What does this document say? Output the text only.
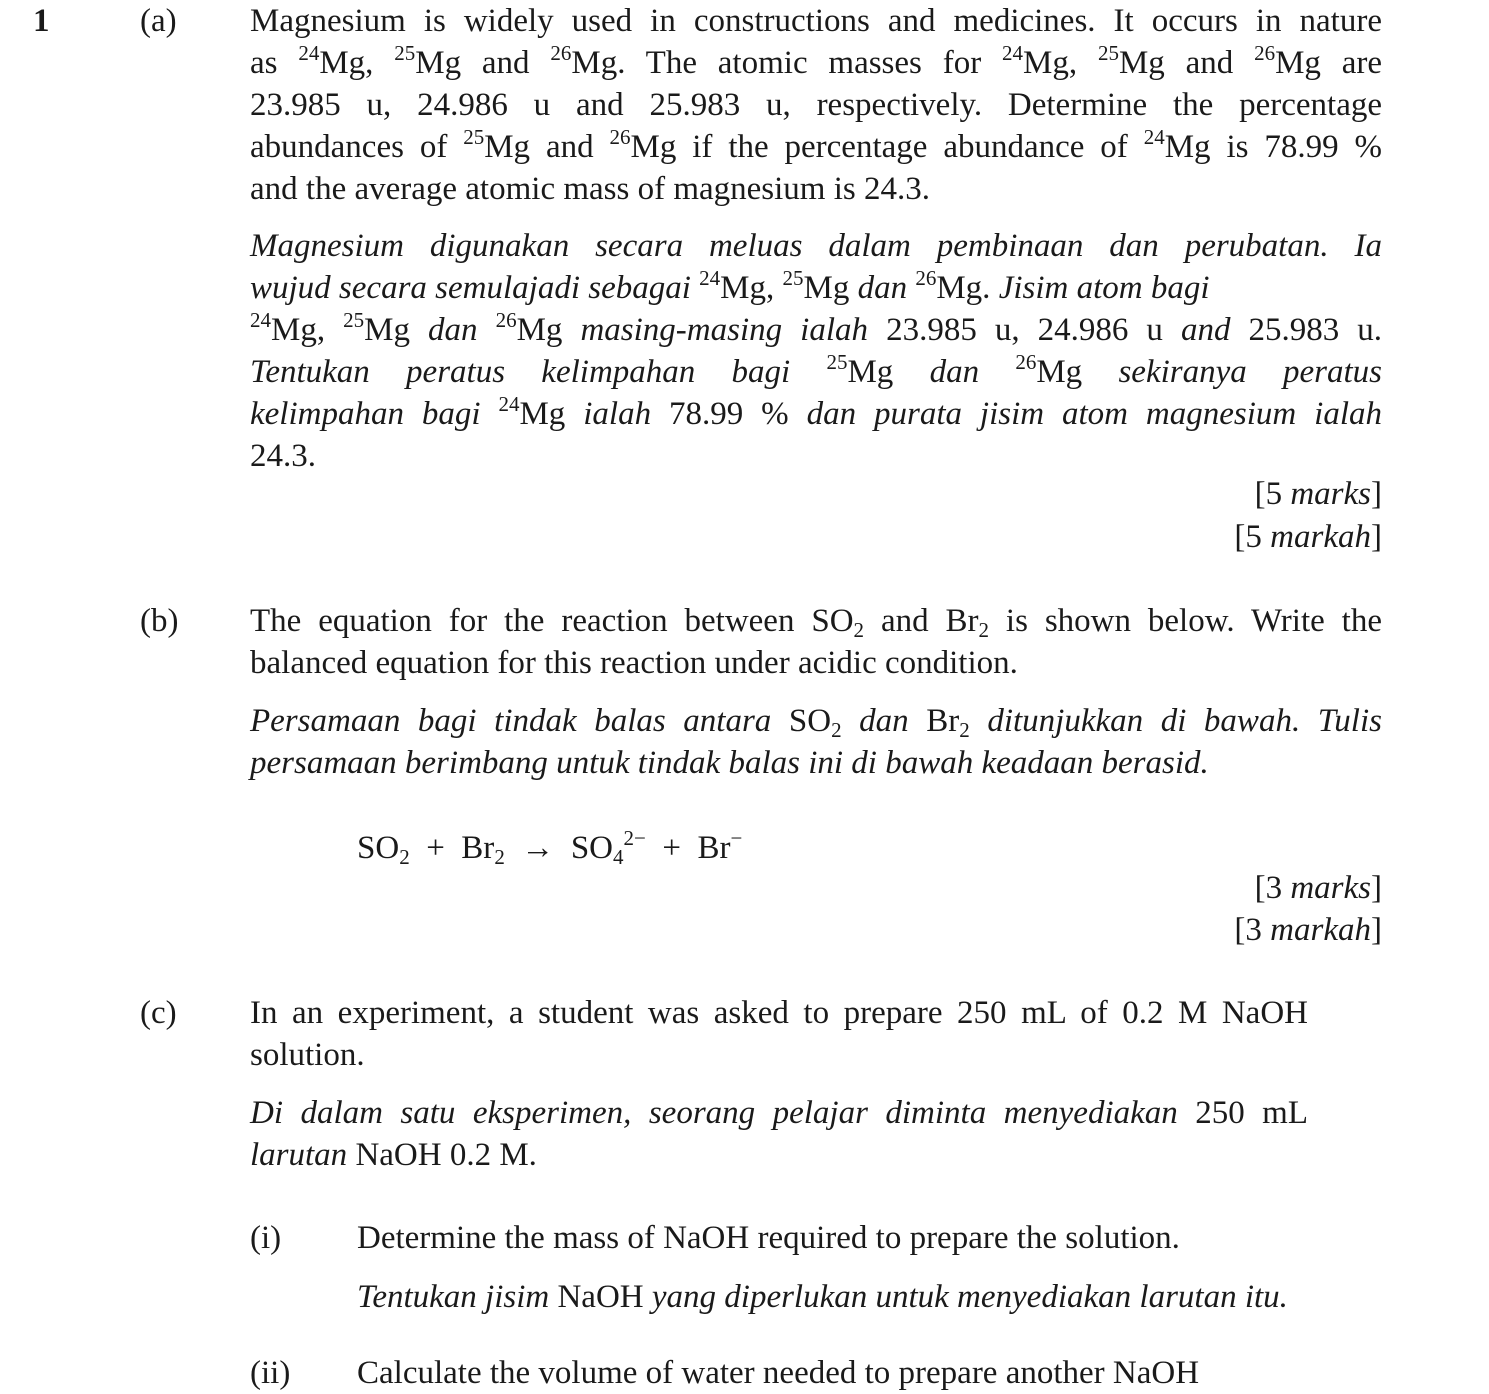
1	(a) Magnesium is widely used in constructions and medicines. It occurs in nature
as $^{24}$Mg, $^{25}$Mg and $^{26}$Mg. The atomic masses for $^{24}$Mg, $^{25}$Mg and $^{26}$Mg are
23.985 u, 24.986 u and 25.983 u, respectively. Determine the percentage
abundances of $^{25}$Mg and $^{26}$Mg if the percentage abundance of $^{24}$Mg is 78.99 %
and the average atomic mass of magnesium is 24.3.
Magnesium digunakan secara meluas dalam pembinaan dan perubatan. Ia
wujud secara semulajadi sebagai $^{24}$Mg, $^{25}$Mg dan $^{26}$Mg. Jisim atom bagi
$^{24}$Mg, $^{25}$Mg dan $^{26}$Mg masing-masing ialah 23.985 u, 24.986 u and 25.983 u.
Tentukan peratus kelimpahan bagi $^{25}$Mg dan $^{26}$Mg sekiranya peratus
kelimpahan bagi $^{24}$Mg ialah 78.99 % dan purata jisim atom magnesium ialah
24.3.
[5 marks]
[5 markah]
(b) The equation for the reaction between $SO_2$ and $Br_2$ is shown below. Write the
balanced equation for this reaction under acidic condition.
Persamaan bagi tindak balas antara $SO_2$ dan $Br_2$ ditunjukkan di bawah. Tulis
persamaan berimbang untuk tindak balas ini di bawah keadaan berasid.
$SO_2 + Br_2 \to SO_4^{2-} + Br^-$
[3 marks]
[3 markah]
(c) In an experiment, a student was asked to prepare 250 mL of 0.2 M NaOH
solution.
Di dalam satu eksperimen, seorang pelajar diminta menyediakan 250 mL
larutan NaOH 0.2 M.
(i) Determine the mass of NaOH required to prepare the solution.
Tentukan jisim NaOH yang diperlukan untuk menyediakan larutan itu.
(ii) Calculate the volume of water needed to prepare another NaOH
